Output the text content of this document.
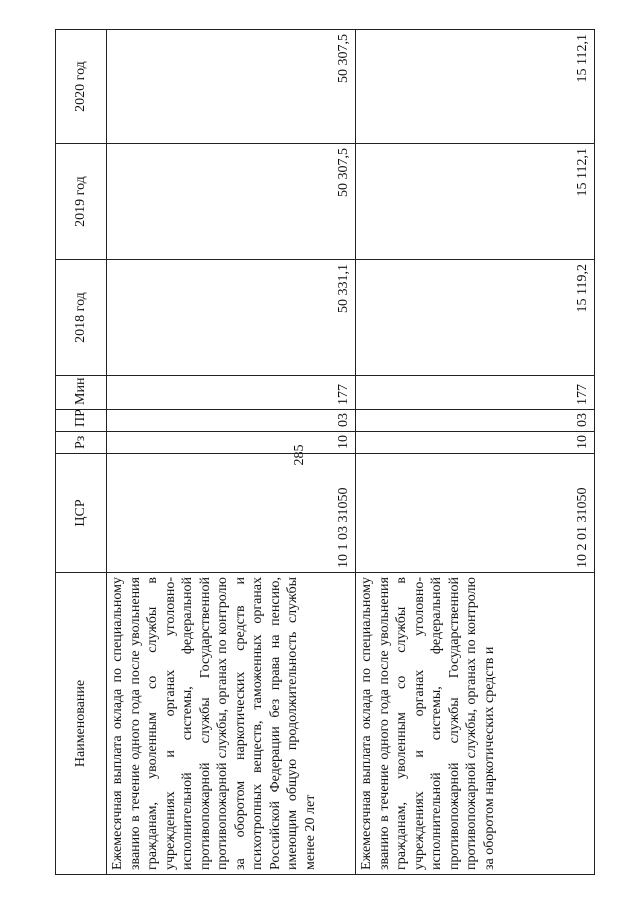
285
Наименование	ЦСР	Рз	ПР	Мин	2018 год	2019 год	2020 год
Ежемесячная выплата оклада по специальному званию в течение одного года после увольнения гражданам, уволенным со службы в учреждениях и органах уголовно-исполнительной системы, федеральной противопожарной службы Государственной противопожарной службы, органах по контролю за оборотом наркотических средств и психотропных веществ, таможенных органах Российской Федерации без права на пенсию, имеющим общую продолжительность службы менее 20 лет	10 1 03 31050	10	03	177	50 331,1	50 307,5	50 307,5
Ежемесячная выплата оклада по специальному званию в течение одного года после увольнения гражданам, уволенным со службы в учреждениях и органах уголовно-исполнительной системы, федеральной противопожарной службы Государственной противопожарной службы, органах по контролю за оборотом наркотических средств и	10 2 01 31050	10	03	177	15 119,2	15 112,1	15 112,1
